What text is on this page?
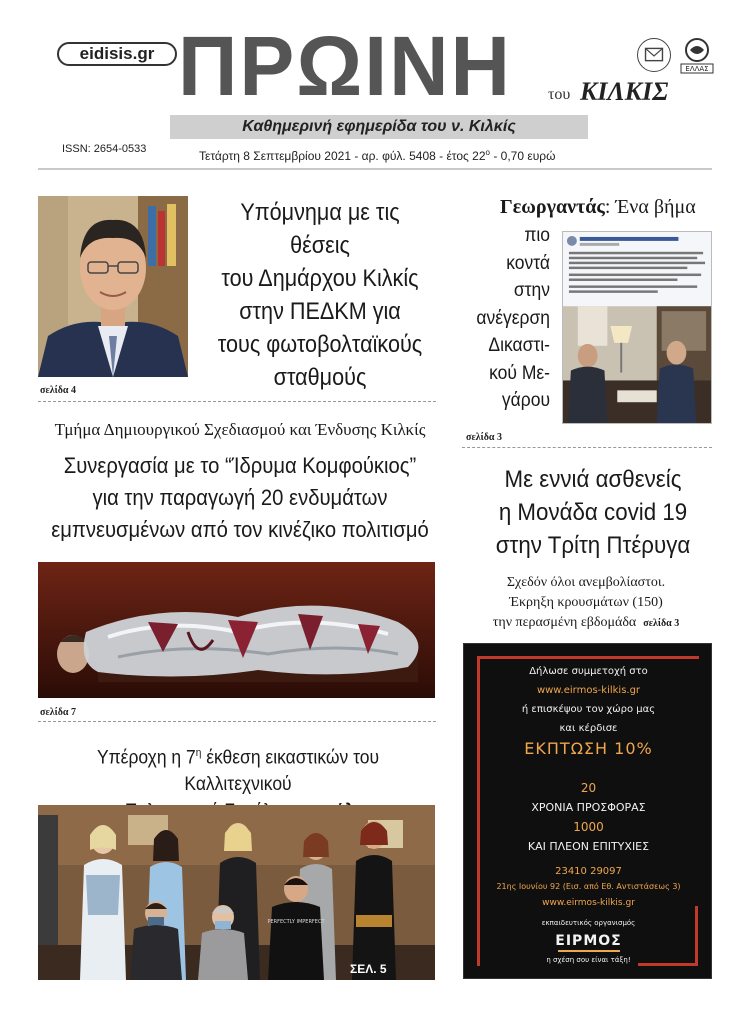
eidisis.gr ΠΡΩΙΝΗ	του ΚΙΛΚΙΣ
ΕΛΛΑΣ
Καθημερινή εφημερίδα του ν. Κιλκίς
ISSN: 2654-0533	Τετάρτη 8 Σεπτεμβρίου 2021 - αρ. φύλ. 5408 - έτος $22^o - 0,70$ ευρώ
Υπόμνημα με τις θέσεις
του Δημάρχου Κιλκίς
στην ΠΕΔΚΜ για
τους φωτοβολταϊκούς
σταθμούς
σελίδα 4
Γεωργαντάς: Ένα βήμα
πιο
κοντά
στην
ανέγερση
Δικαστι-
κού Με-
γάρου
σελίδα 3
Τμήμα Δημιουργικού Σχεδιασμού και Ένδυσης Κιλκίς
Συνεργασία με το “Ίδρυμα Κομφούκιος”
για την παραγωγή 20 ενδυμάτων
εμπνευσμένων από τον κινέζικο πολιτισμό
σελίδα 7
Με εννιά ασθενείς
η Μονάδα covid 19
στην Τρίτη Πτέρυγα
Σχεδόν όλοι ανεμβολίαστοι.
Έκρηξη κρουσμάτων (150)
την περασμένη εβδομάδα σελίδα 3
Υπέροχη η $7^\eta$ έκθεση εικαστικών του Καλλιτεχνικού
PERFECTLY IMPERFECT
ΣΕΛ. 5
Δήλωσε συμμετοχή στο
www.eirmos-kilkis.gr
ή επισκέψου τον χώρο μας
και κέρδισε
ΕΚΠΤΩΣΗ 10%
20
ΧΡΟΝΙΑ ΠΡΟΣΦΟΡΑΣ
1000
ΚΑΙ ΠΛΕΟΝ ΕΠΙΤΥΧΙΕΣ
23410 29097
21ης Ιουνίου 92 (Εισ. από Εθ. Αντιστάσεως 3)
www.eirmos-kilkis.gr
εκπαιδευτικός οργανισμός
ΕΙΡΜΟΣ
η σχέση σου είναι τάξη!
